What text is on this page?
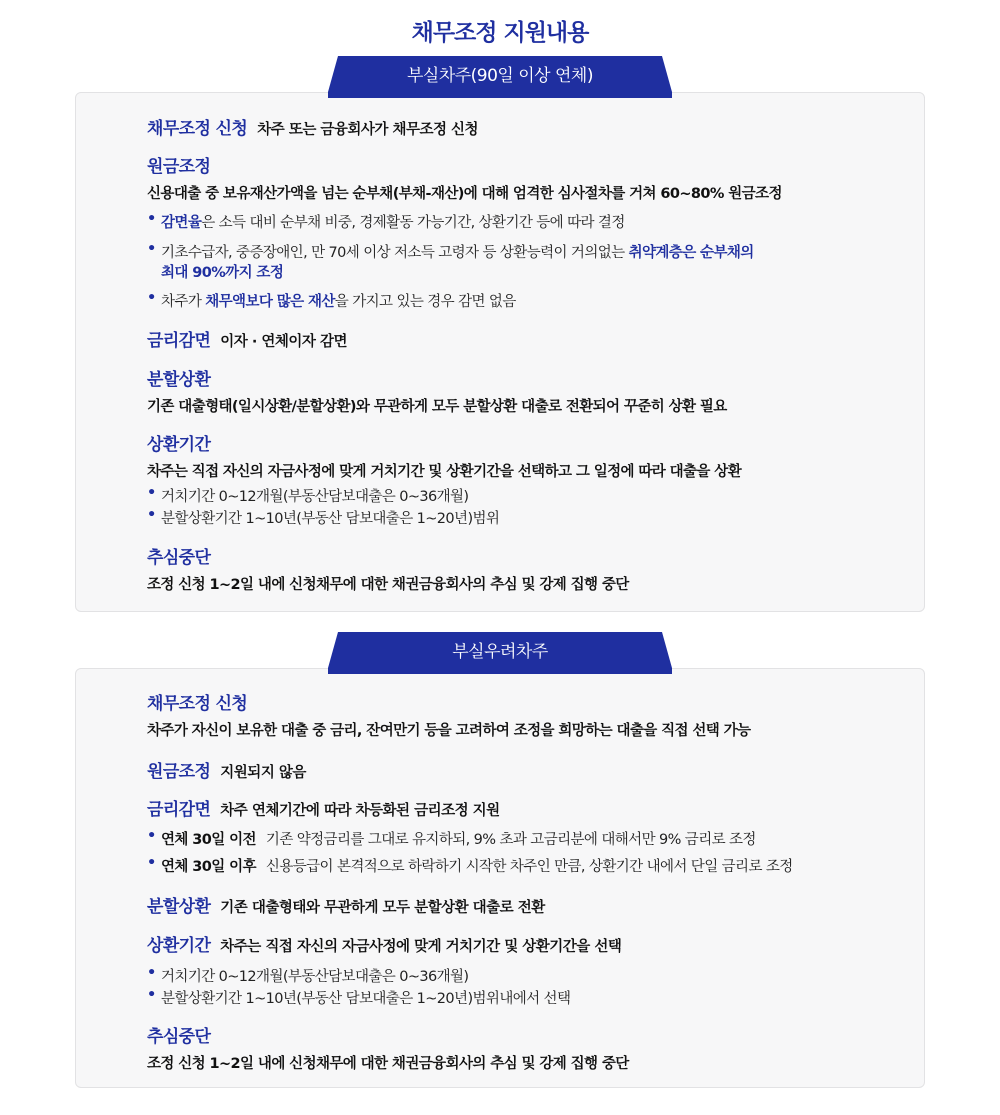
채무조정 지원내용
부실차주(90일 이상 연체)
채무조정 신청 차주 또는 금융회사가 채무조정 신청
원금조정
신용대출 중 보유재산가액을 넘는 순부채(부채-재산)에 대해 엄격한 심사절차를 거쳐 60~80% 원금조정
• 감면율은 소득 대비 순부채 비중, 경제활동 가능기간, 상환기간 등에 따라 결정
• 기초수급자, 중증장애인, 만 70세 이상 저소득 고령자 등 상환능력이 거의없는 취약계층은 순부채의
최대 90%까지 조정
• 차주가 채무액보다 많은 재산을 가지고 있는 경우 감면 없음
금리감면 이자 · 연체이자 감면
분할상환
기존 대출형태(일시상환/분할상환)와 무관하게 모두 분할상환 대출로 전환되어 꾸준히 상환 필요
상환기간
차주는 직접 자신의 자금사정에 맞게 거치기간 및 상환기간을 선택하고 그 일정에 따라 대출을 상환
• 거치기간 0~12개월(부동산담보대출은 0~36개월)
• 분할상환기간 1~10년(부동산 담보대출은 1~20년)범위
추심중단
조정 신청 1~2일 내에 신청채무에 대한 채권금융회사의 추심 및 강제 집행 중단
부실우려차주
채무조정 신청
차주가 자신이 보유한 대출 중 금리, 잔여만기 등을 고려하여 조정을 희망하는 대출을 직접 선택 가능
원금조정 지원되지 않음
금리감면 차주 연체기간에 따라 차등화된 금리조정 지원
• 연체 30일 이전 기존 약정금리를 그대로 유지하되, 9% 초과 고금리분에 대해서만 9% 금리로 조정
• 연체 30일 이후 신용등급이 본격적으로 하락하기 시작한 차주인 만큼, 상환기간 내에서 단일 금리로 조정
분할상환 기존 대출형태와 무관하게 모두 분할상환 대출로 전환
상환기간 차주는 직접 자신의 자금사정에 맞게 거치기간 및 상환기간을 선택
• 거치기간 0~12개월(부동산담보대출은 0~36개월)
• 분할상환기간 1~10년(부동산 담보대출은 1~20년)범위내에서 선택
추심중단
조정 신청 1~2일 내에 신청채무에 대한 채권금융회사의 추심 및 강제 집행 중단
